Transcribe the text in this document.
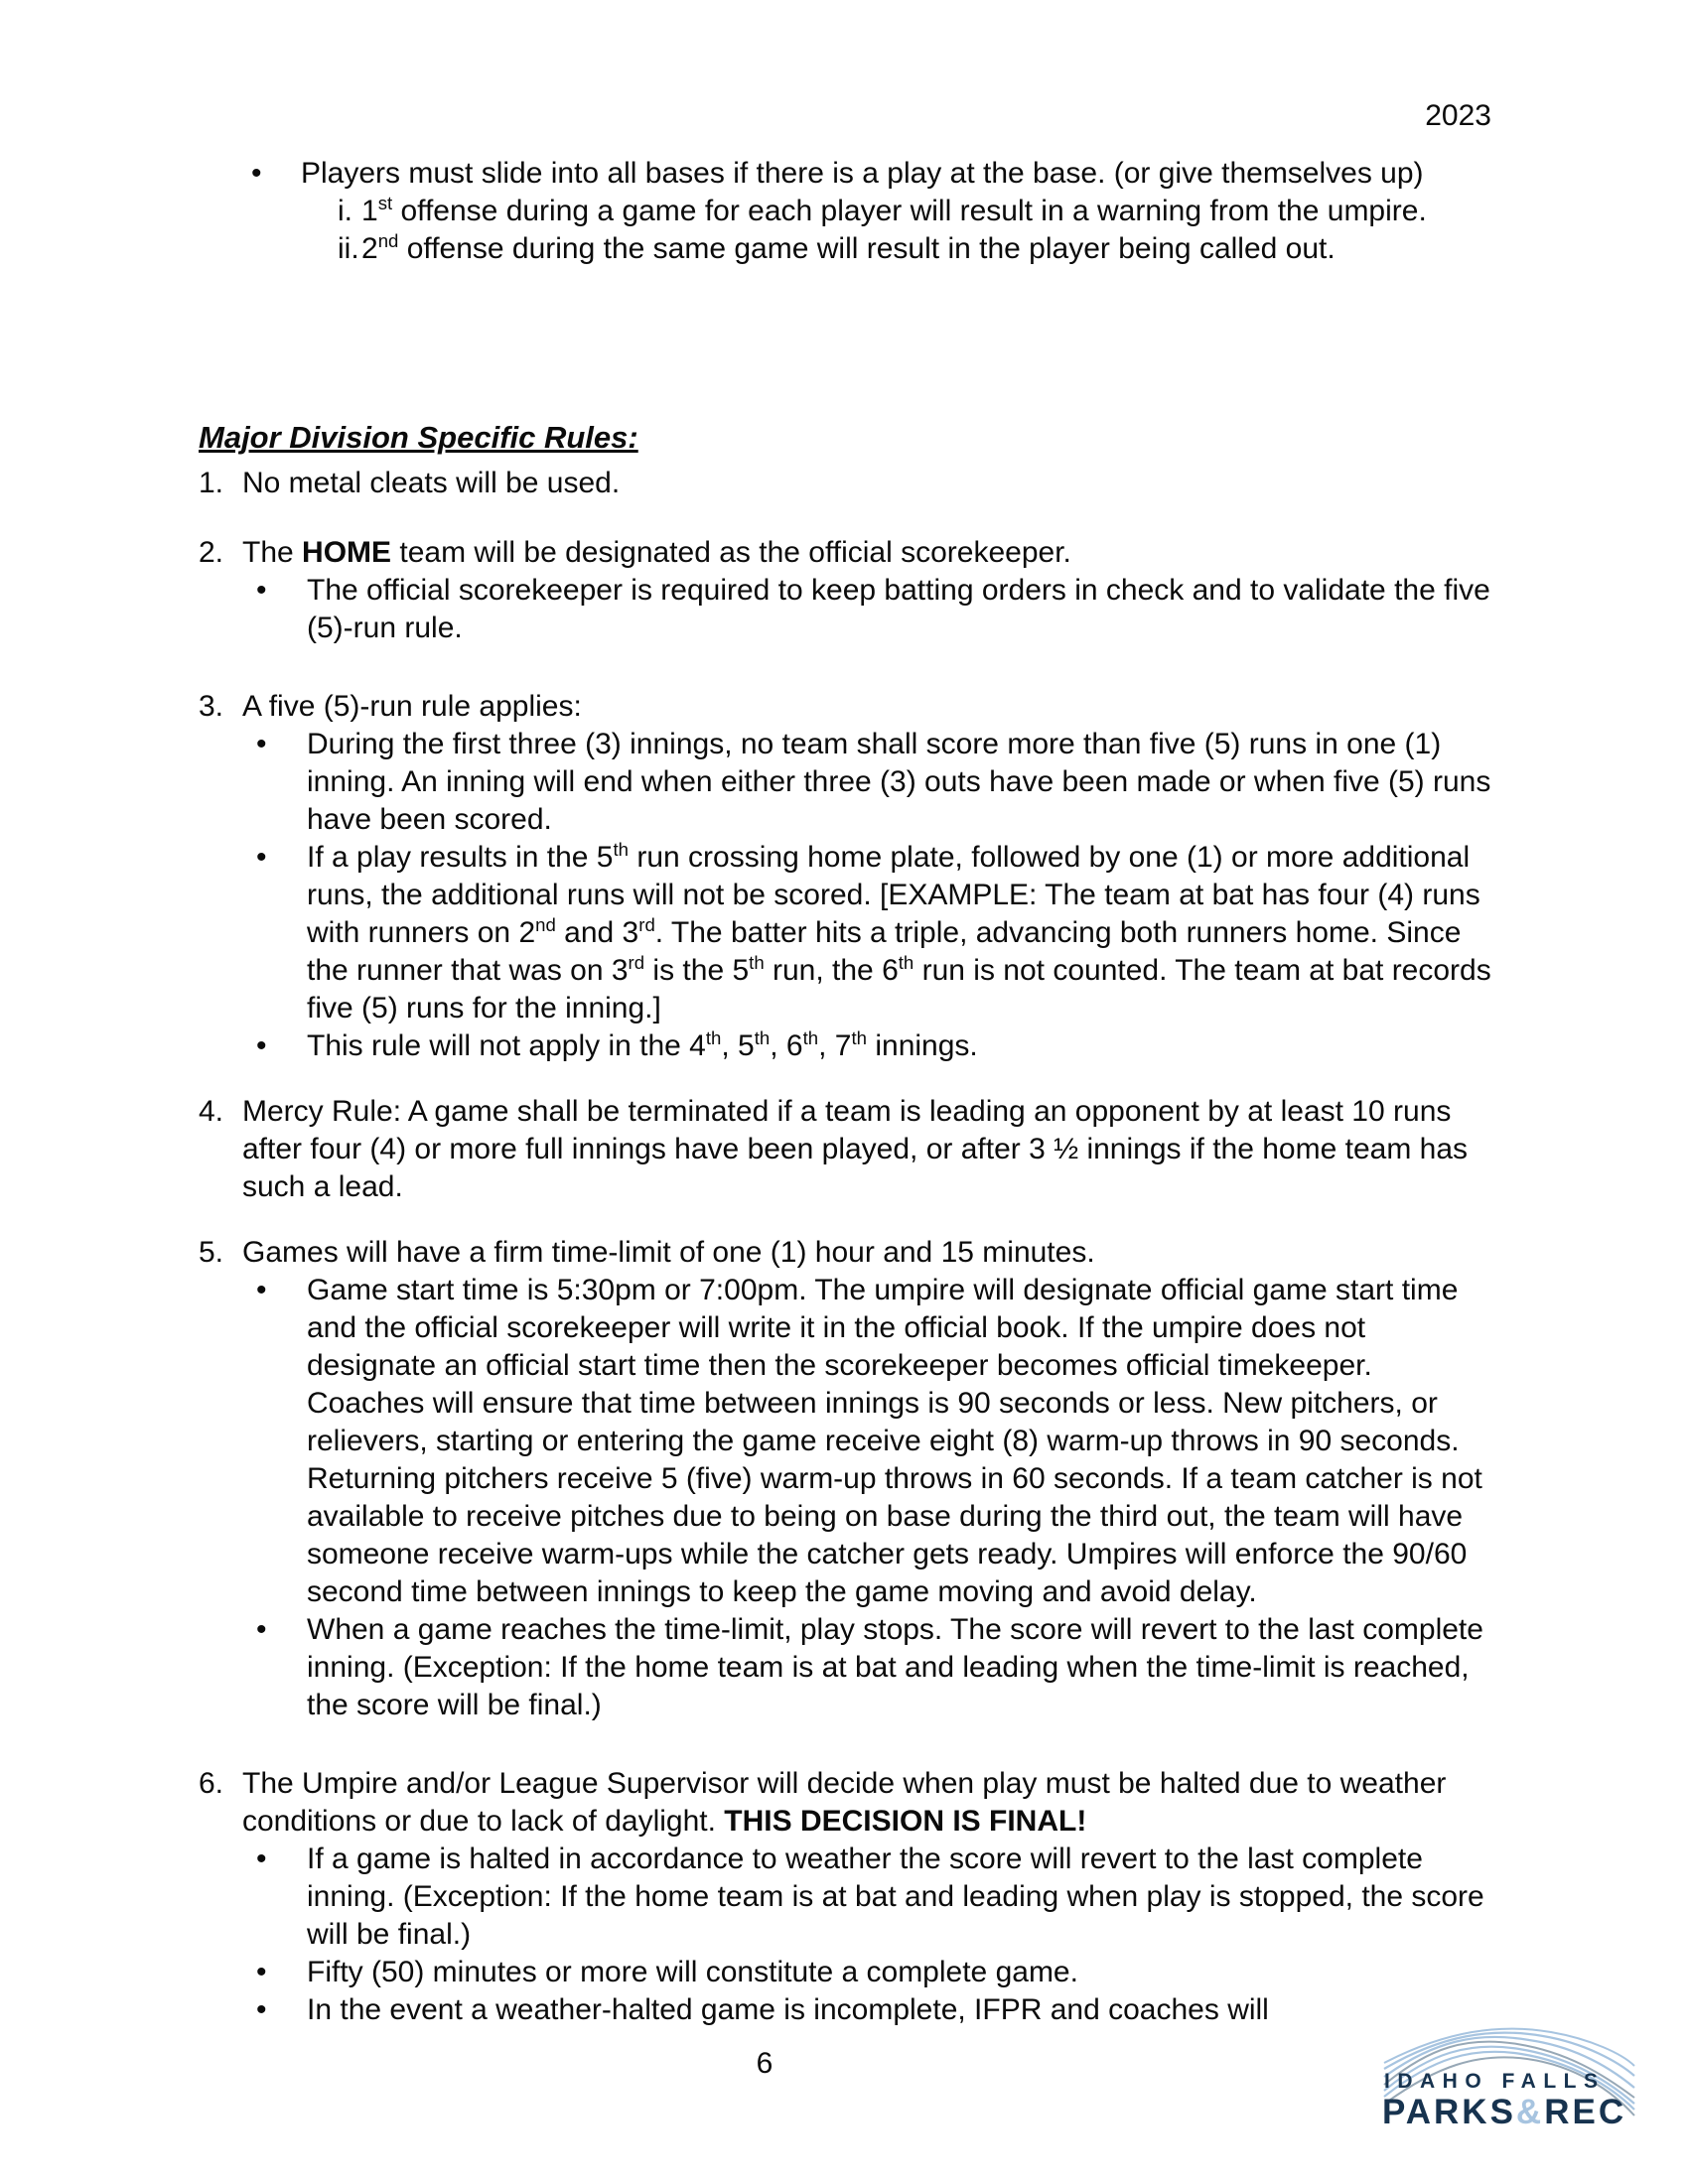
2023
•	Players must slide into all bases if there is a play at the base. (or give themselves up)
i. 1st offense during a game for each player will result in a warning from the umpire.
ii. 2nd offense during the same game will result in the player being called out.
Major Division Specific Rules:
1. No metal cleats will be used.
2. The HOME team will be designated as the official scorekeeper.
•	The official scorekeeper is required to keep batting orders in check and to validate the five (5)-run rule.
3. A five (5)-run rule applies:
•	During the first three (3) innings, no team shall score more than five (5) runs in one (1) inning. An inning will end when either three (3) outs have been made or when five (5) runs have been scored.
•	If a play results in the 5th run crossing home plate, followed by one (1) or more additional runs, the additional runs will not be scored. [EXAMPLE: The team at bat has four (4) runs with runners on 2nd and 3rd. The batter hits a triple, advancing both runners home. Since the runner that was on 3rd is the 5th run, the 6th run is not counted. The team at bat records five (5) runs for the inning.]
•	This rule will not apply in the 4th, 5th, 6th, 7th innings.
4. Mercy Rule: A game shall be terminated if a team is leading an opponent by at least 10 runs after four (4) or more full innings have been played, or after 3 ½ innings if the home team has such a lead.
5. Games will have a firm time-limit of one (1) hour and 15 minutes.
•	Game start time is 5:30pm or 7:00pm. The umpire will designate official game start time and the official scorekeeper will write it in the official book. If the umpire does not designate an official start time then the scorekeeper becomes official timekeeper. Coaches will ensure that time between innings is 90 seconds or less. New pitchers, or relievers, starting or entering the game receive eight (8) warm-up throws in 90 seconds. Returning pitchers receive 5 (five) warm-up throws in 60 seconds. If a team catcher is not available to receive pitches due to being on base during the third out, the team will have someone receive warm-ups while the catcher gets ready. Umpires will enforce the 90/60 second time between innings to keep the game moving and avoid delay.
•	When a game reaches the time-limit, play stops. The score will revert to the last complete inning. (Exception: If the home team is at bat and leading when the time-limit is reached, the score will be final.)
6. The Umpire and/or League Supervisor will decide when play must be halted due to weather conditions or due to lack of daylight. THIS DECISION IS FINAL!
•	If a game is halted in accordance to weather the score will revert to the last complete inning. (Exception: If the home team is at bat and leading when play is stopped, the score will be final.)
•	Fifty (50) minutes or more will constitute a complete game.
•	In the event a weather-halted game is incomplete, IFPR and coaches will
6
IDAHO FALLS
PARKS&REC
